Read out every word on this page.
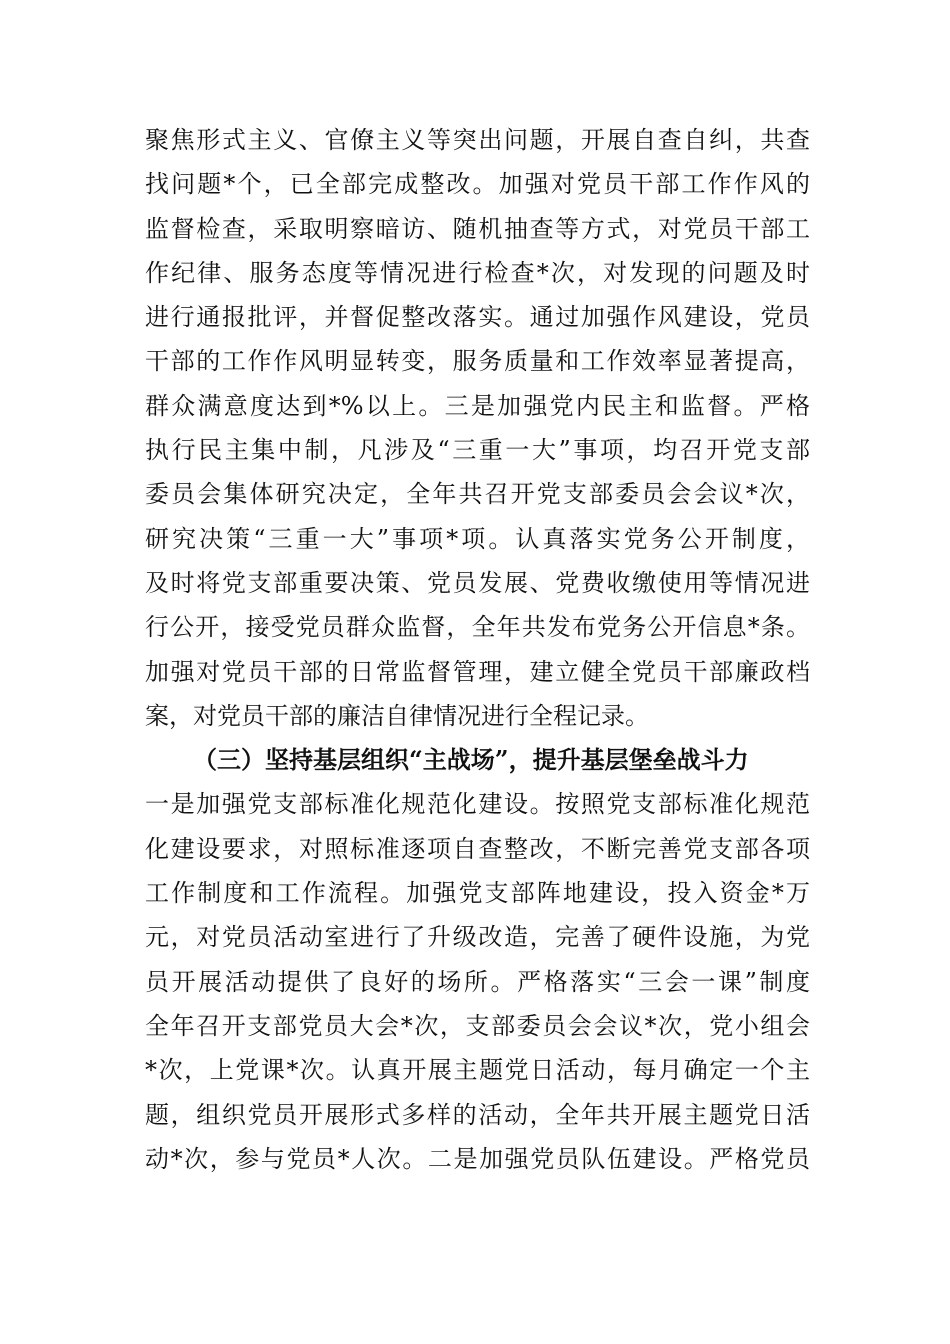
聚焦形式主义、官僚主义等突出问题，开展自查自纠，共查
找问题*个，已全部完成整改。加强对党员干部工作作风的
监督检查，采取明察暗访、随机抽查等方式，对党员干部工
作纪律、服务态度等情况进行检查*次，对发现的问题及时
进行通报批评，并督促整改落实。通过加强作风建设，党员
干部的工作作风明显转变，服务质量和工作效率显著提高，
群众满意度达到*%以上。三是加强党内民主和监督。严格
执行民主集中制，凡涉及“三重一大”事项，均召开党支部
委员会集体研究决定，全年共召开党支部委员会会议*次，
研究决策“三重一大”事项*项。认真落实党务公开制度，
及时将党支部重要决策、党员发展、党费收缴使用等情况进
行公开，接受党员群众监督，全年共发布党务公开信息*条。
加强对党员干部的日常监督管理，建立健全党员干部廉政档
案，对党员干部的廉洁自律情况进行全程记录。
（三）坚持基层组织“主战场”，提升基层堡垒战斗力
一是加强党支部标准化规范化建设。按照党支部标准化规范
化建设要求，对照标准逐项自查整改，不断完善党支部各项
工作制度和工作流程。加强党支部阵地建设，投入资金*万
元，对党员活动室进行了升级改造，完善了硬件设施，为党
员开展活动提供了良好的场所。严格落实“三会一课”制度
全年召开支部党员大会*次，支部委员会会议*次，党小组会
*次，上党课*次。认真开展主题党日活动，每月确定一个主
题，组织党员开展形式多样的活动，全年共开展主题党日活
动*次，参与党员*人次。二是加强党员队伍建设。严格党员
